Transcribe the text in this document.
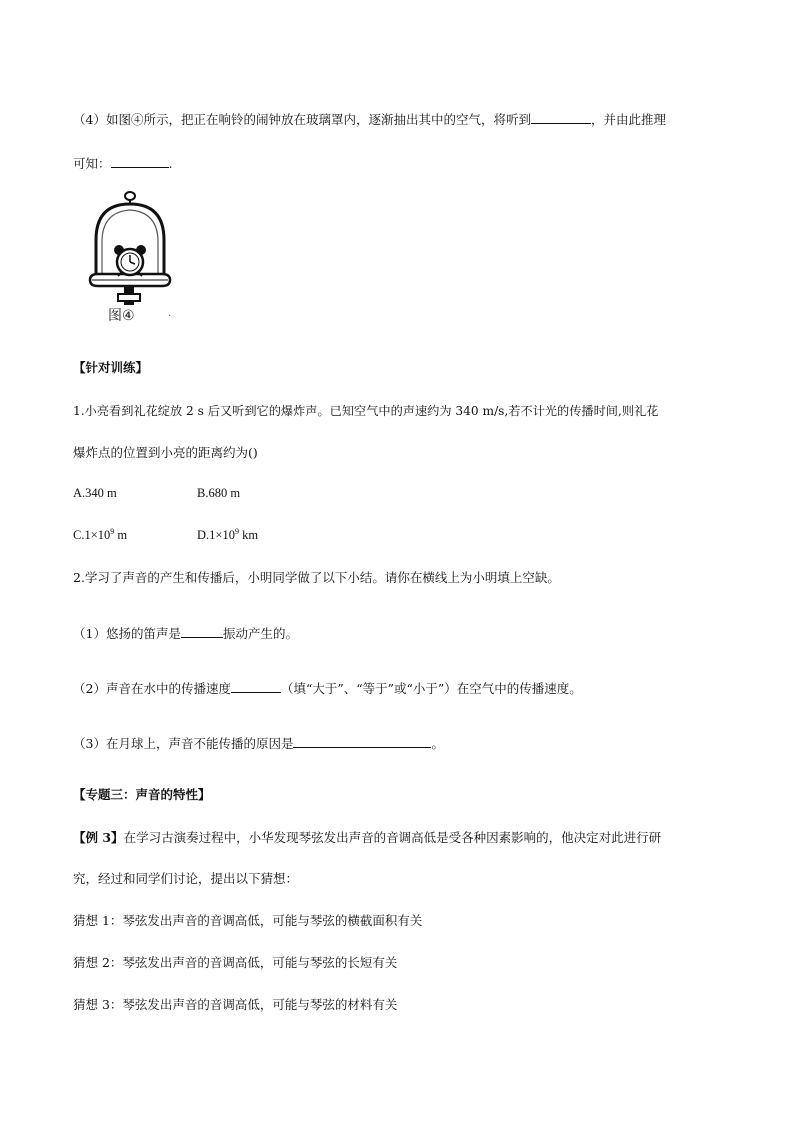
（4）如图④所示，把正在响铃的闹钟放在玻璃罩内，逐渐抽出其中的空气，将听到	，并由此推理
可知：	.
图④	.
【针对训练】
1.小亮看到礼花绽放 2 s 后又听到它的爆炸声。已知空气中的声速约为 340 m/s,若不计光的传播时间,则礼花
爆炸点的位置到小亮的距离约为()
A.340 m	B.680 m
$C.1\times 10^9$ m	$D.1\times 10^9$ km
2.学习了声音的产生和传播后，小明同学做了以下小结。请你在横线上为小明填上空缺。
（1）悠扬的笛声是	振动产生的。
（2）声音在水中的传播速度	（填“大于”、“等于”或“小于”）在空气中的传播速度。
（3）在月球上，声音不能传播的原因是	。
【专题三：声音的特性】
【例 3】在学习古演奏过程中，小华发现琴弦发出声音的音调高低是受各种因素影响的，他决定对此进行研
究，经过和同学们讨论，提出以下猜想：
猜想 1：琴弦发出声音的音调高低，可能与琴弦的横截面积有关
猜想 2：琴弦发出声音的音调高低，可能与琴弦的长短有关
猜想 3：琴弦发出声音的音调高低，可能与琴弦的材料有关
